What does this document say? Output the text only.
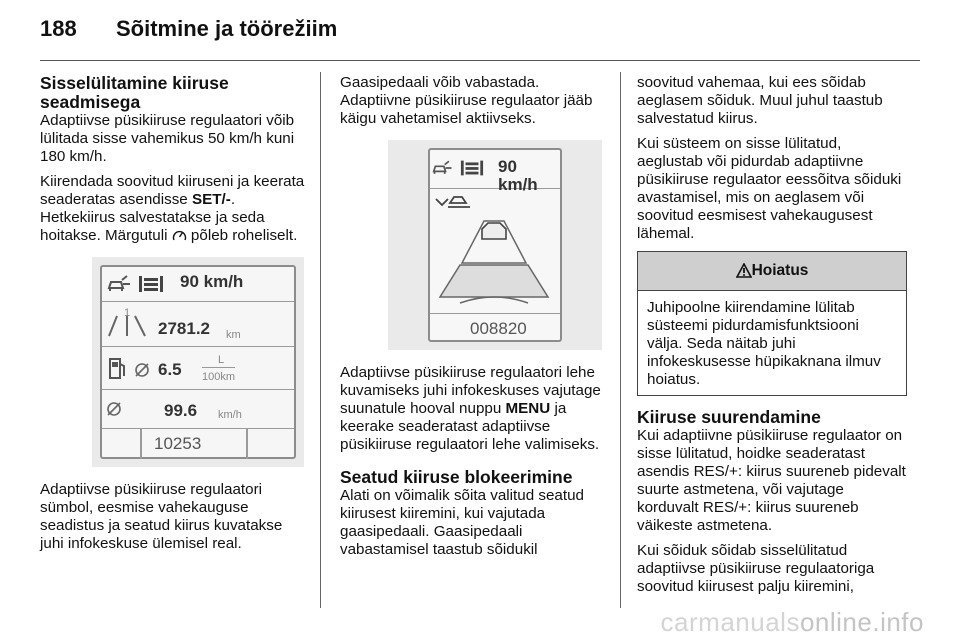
188 Sõitmine ja töörežiim
Sisselülitamine kiiruse
seadmisega

Adaptiivse püsikiiruse regulaatori võib lülitada sisse vahemikus 50 km/h kuni 180 km/h.

Kiirendada soovitud kiiruseni ja keerata seaderatas asendisse SET/-. Hetkekiirus salvestatakse ja seda hoitakse. Märgutuli  põleb roheliselt.

90 km/h
1
2781.2 km
6.5	L
100km
99.6 km/h
10253

Adaptiivse püsikiiruse regulaatori sümbol, eesmise vahekauguse seadistus ja seatud kiirus kuvatakse juhi infokeskuse ülemisel real.

Gaasipedaali võib vabastada. Adaptiivne püsikiiruse regulaator jääb käigu vahetamisel aktiivseks.

90 km/h
008820

Adaptiivse püsikiiruse regulaatori lehe kuvamiseks juhi infokeskuses vajutage suunatule hooval nuppu MENU ja keerake seaderatast adaptiivse püsikiiruse regulaatori lehe valimiseks.

Seatud kiiruse blokeerimine

Alati on võimalik sõita valitud seatud kiirusest kiiremini, kui vajutada gaasipedaali. Gaasipedaali vabastamisel taastub sõidukil

soovitud vahemaa, kui ees sõidab aeglasem sõiduk. Muul juhul taastub salvestatud kiirus.

Kui süsteem on sisse lülitatud, aeglustab või pidurdab adaptiivne püsikiiruse regulaator eessõitva sõiduki avastamisel, mis on aeglasem või soovitud eesmisest vahekaugusest lähemal.

Hoiatus
Juhipoolne kiirendamine lülitab süsteemi pidurdamisfunktsiooni välja. Seda näitab juhi infokeskusesse hüpikaknana ilmuv hoiatus.
Kiiruse suurendamine

Kui adaptiivne püsikiiruse regulaator on sisse lülitatud, hoidke seaderatast asendis RES/+: kiirus suureneb pidevalt suurte astmetena, või vajutage korduvalt RES/+: kiirus suureneb väikeste astmetena.

Kui sõiduk sõidab sisselülitatud adaptiivse püsikiiruse regulaatoriga soovitud kiirusest palju kiiremini,

carmanualsonline.info
